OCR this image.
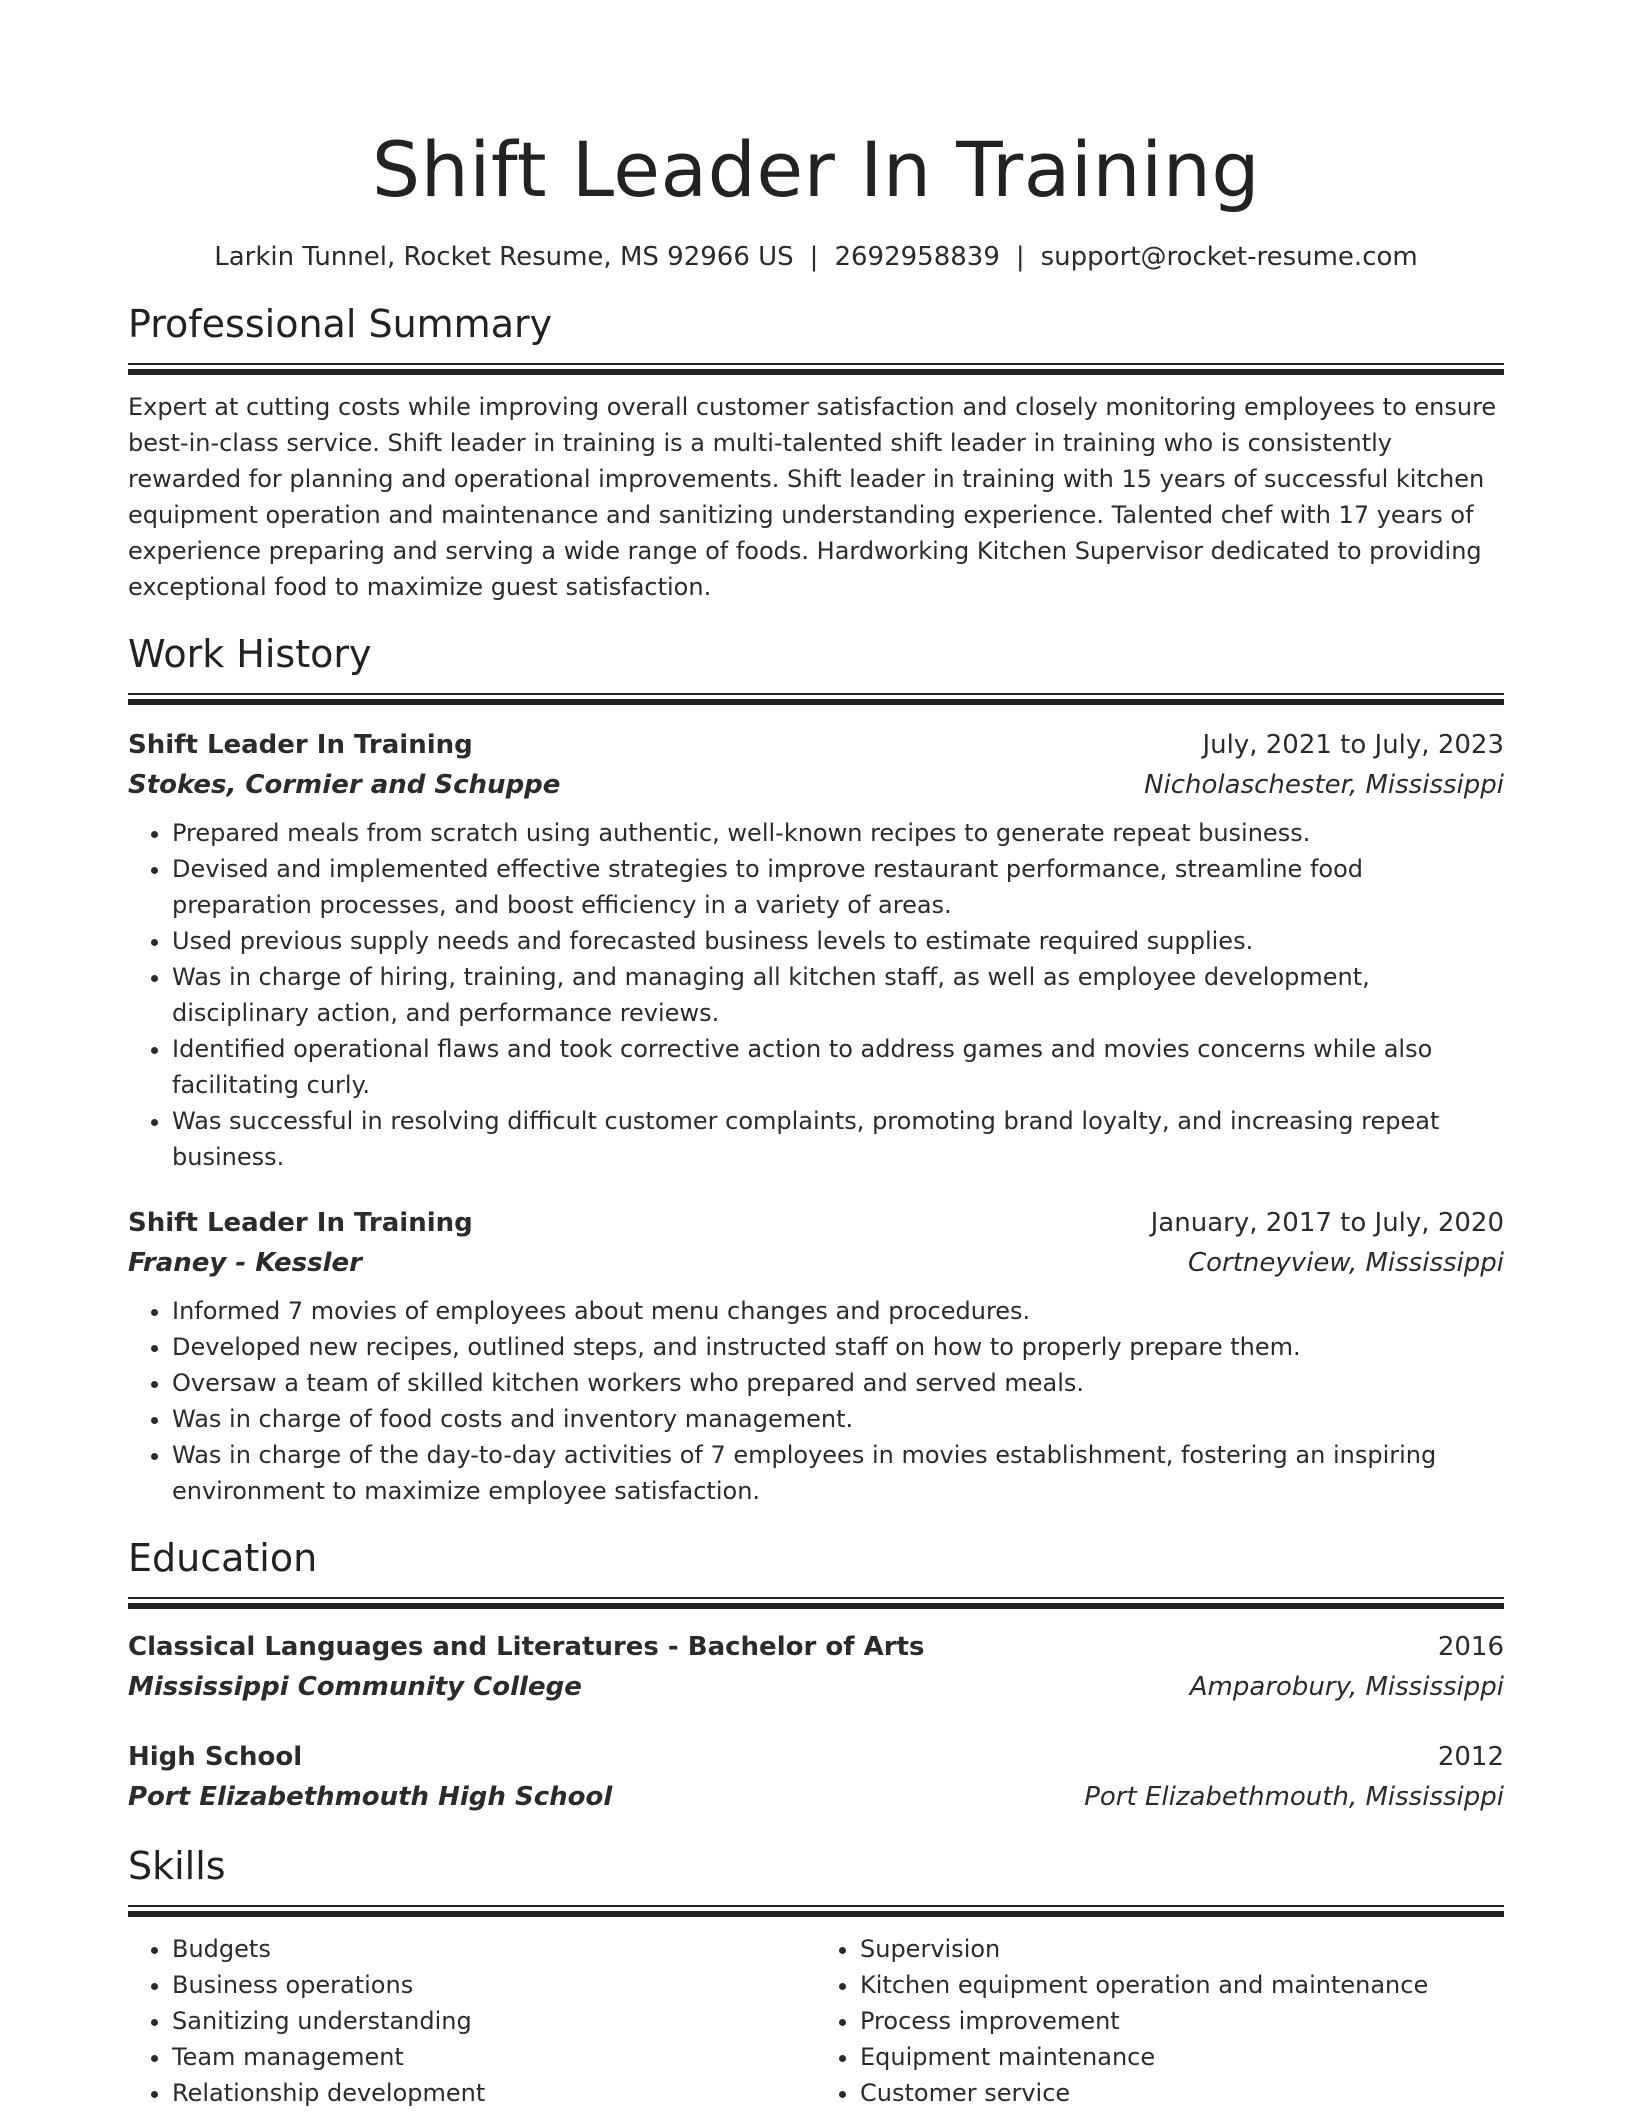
Shift Leader In Training
Larkin Tunnel, Rocket Resume, MS 92966 US | 2692958839 | support@rocket-resume.com
Professional Summary
Expert at cutting costs while improving overall customer satisfaction and closely monitoring employees to ensure best-in-class service. Shift leader in training is a multi-talented shift leader in training who is consistently rewarded for planning and operational improvements. Shift leader in training with 15 years of successful kitchen equipment operation and maintenance and sanitizing understanding experience. Talented chef with 17 years of experience preparing and serving a wide range of foods. Hardworking Kitchen Supervisor dedicated to providing exceptional food to maximize guest satisfaction.
Work History
Shift Leader In Training	July, 2021 to July, 2023
Stokes, Cormier and Schuppe	Nicholaschester, Mississippi
• Prepared meals from scratch using authentic, well-known recipes to generate repeat business.
• Devised and implemented effective strategies to improve restaurant performance, streamline food preparation processes, and boost efficiency in a variety of areas.
• Used previous supply needs and forecasted business levels to estimate required supplies.
• Was in charge of hiring, training, and managing all kitchen staff, as well as employee development, disciplinary action, and performance reviews.
• Identified operational flaws and took corrective action to address games and movies concerns while also facilitating curly.
• Was successful in resolving difficult customer complaints, promoting brand loyalty, and increasing repeat business.
Shift Leader In Training	January, 2017 to July, 2020
Franey - Kessler	Cortneyview, Mississippi
• Informed 7 movies of employees about menu changes and procedures.
• Developed new recipes, outlined steps, and instructed staff on how to properly prepare them.
• Oversaw a team of skilled kitchen workers who prepared and served meals.
• Was in charge of food costs and inventory management.
• Was in charge of the day-to-day activities of 7 employees in movies establishment, fostering an inspiring environment to maximize employee satisfaction.
Education
Classical Languages and Literatures - Bachelor of Arts	2016
Mississippi Community College	Amparobury, Mississippi
High School	2012
Port Elizabethmouth High School	Port Elizabethmouth, Mississippi
Skills
• Budgets
• Business operations
• Sanitizing understanding
• Team management
• Relationship development
• Supervision
• Kitchen equipment operation and maintenance
• Process improvement
• Equipment maintenance
• Customer service
